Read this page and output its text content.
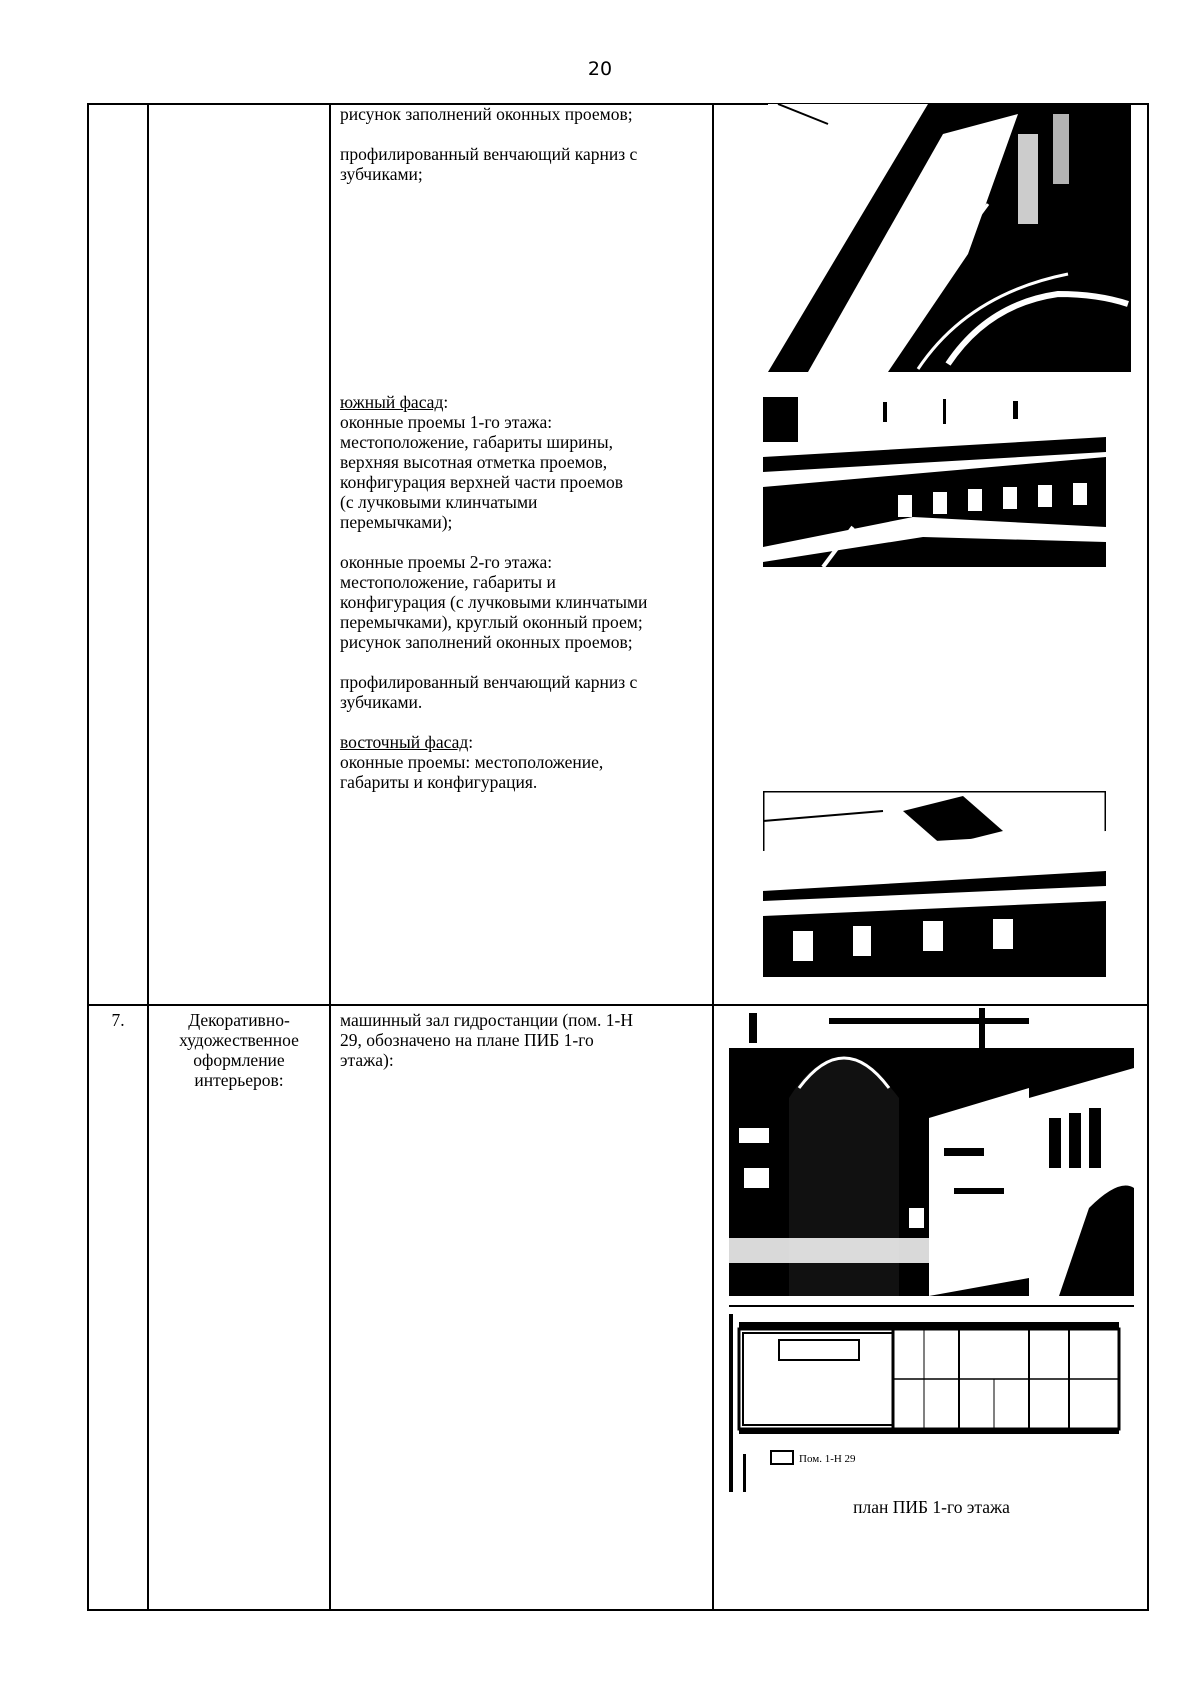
20

рисунок заполнений оконных проемов;

профилированный венчающий карниз с зубчиками;

южный фасад:

оконные проемы 1-го этажа:

местоположение, габариты ширины,

верхняя высотная отметка проемов,

конфигурация верхней части проемов

(с лучковыми клинчатыми

перемычками);

оконные проемы 2-го этажа:

местоположение, габариты и

конфигурация (с лучковыми клинчатыми

перемычками), круглый оконный проем;

рисунок заполнений оконных проемов;

профилированный венчающий карниз с

зубчиками.

восточный фасад:

оконные проемы: местоположение,

габариты и конфигурация.

7.	Декоративно-

художественное

оформление

интерьеров:

машинный зал гидростанции (пом. 1-Н

29, обозначено на плане ПИБ 1-го

этажа):

Пом. 1-Н 29
план ПИБ 1-го этажа
